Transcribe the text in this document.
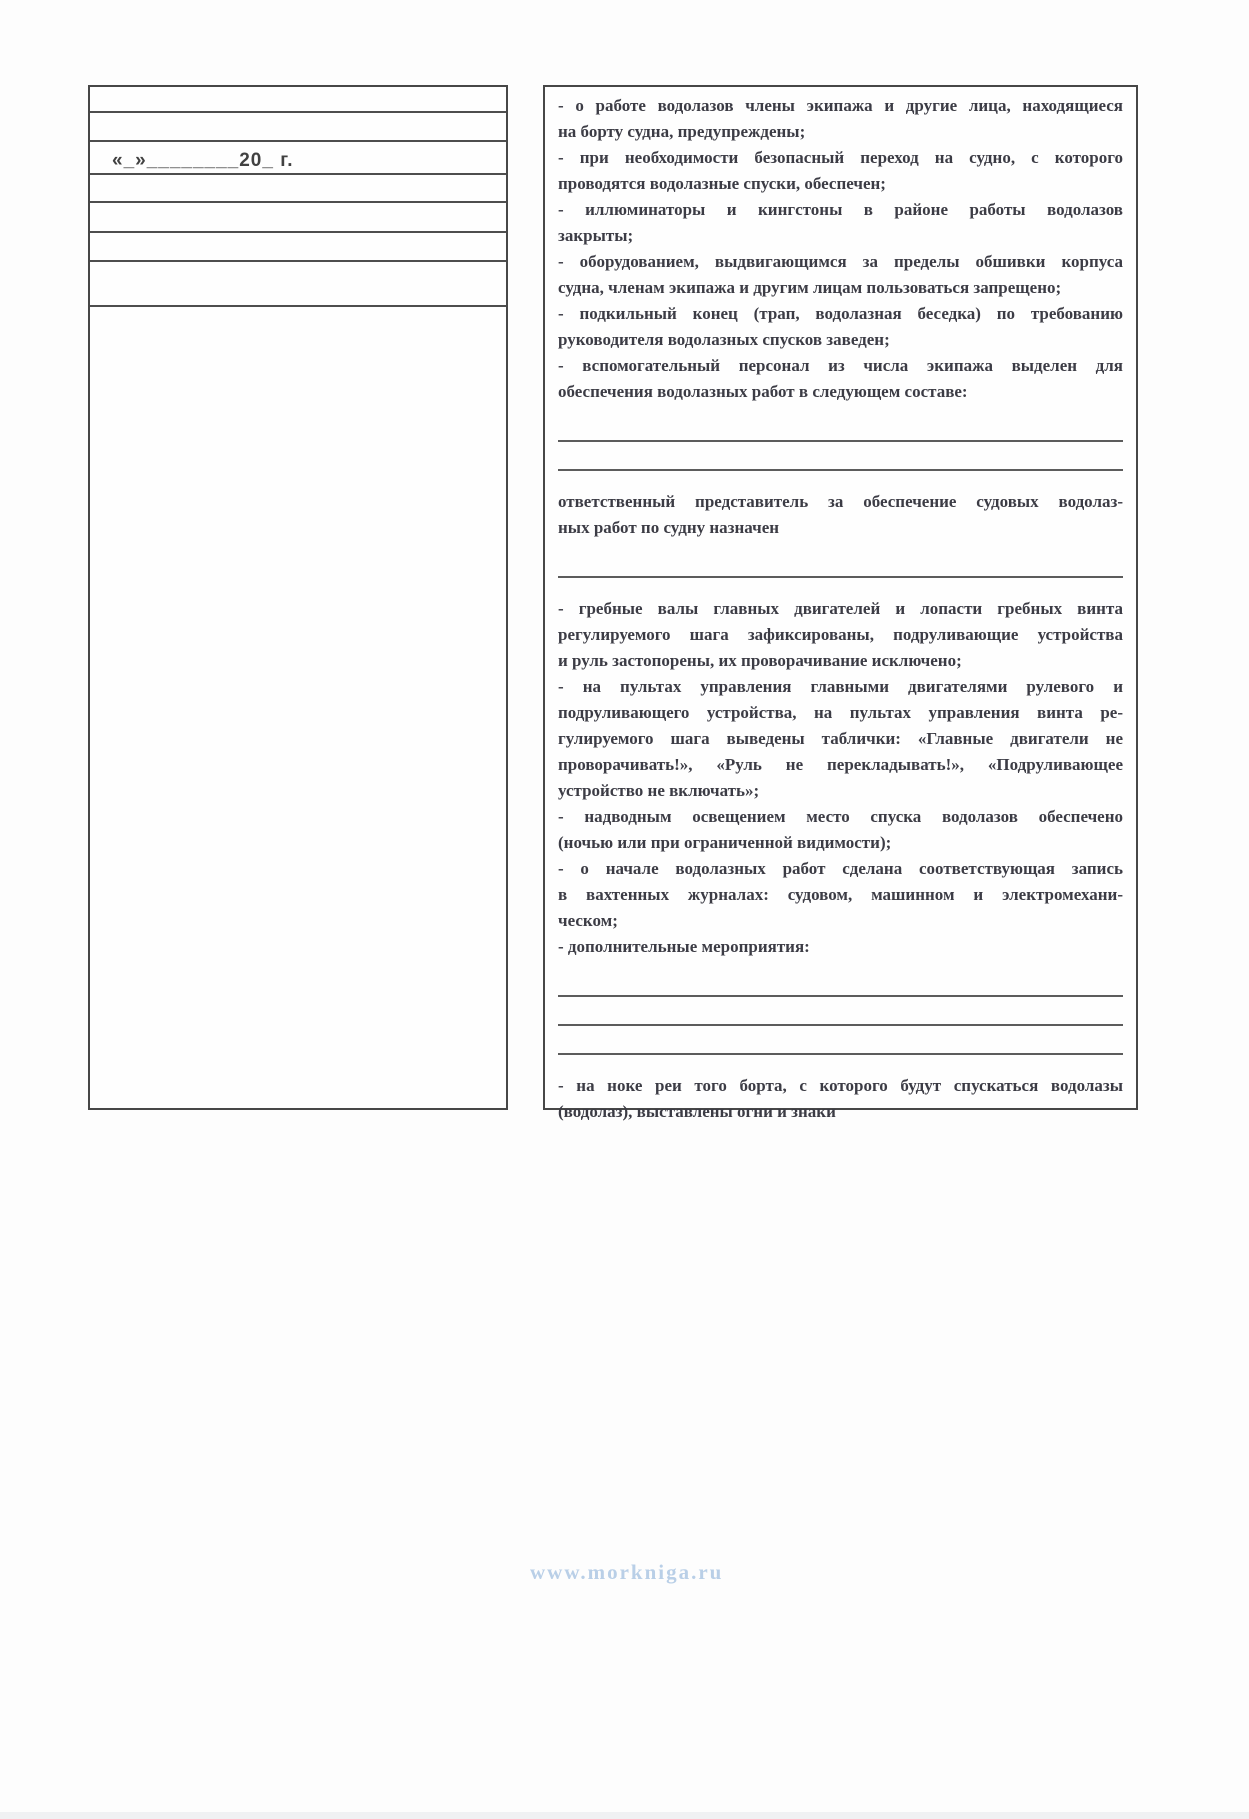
«_»________20_ г.
- о работе водолазов члены экипажа и другие лица, находящиеся
на борту судна, предупреждены;
- при необходимости безопасный переход на судно, с которого
проводятся водолазные спуски, обеспечен;
- иллюминаторы и кингстоны в районе работы водолазов
закрыты;
- оборудованием, выдвигающимся за пределы обшивки корпуса
судна, членам экипажа и другим лицам пользоваться запрещено;
- подкильный конец (трап, водолазная беседка) по требованию
руководителя водолазных спусков заведен;
- вспомогательный персонал из числа экипажа выделен для
обеспечения водолазных работ в следующем составе:
ответственный представитель за обеспечение судовых водолаз-
ных работ по судну назначен
- гребные валы главных двигателей и лопасти гребных винта
регулируемого шага зафиксированы, подруливающие устройства
и руль застопорены, их проворачивание исключено;
- на пультах управления главными двигателями рулевого и
подруливающего устройства, на пультах управления винта ре-
гулируемого шага выведены таблички: «Главные двигатели не
проворачивать!», «Руль не перекладывать!», «Подруливающее
устройство не включать»;
- надводным освещением место спуска водолазов обеспечено
(ночью или при ограниченной видимости);
- о начале водолазных работ сделана соответствующая запись
в вахтенных журналах: судовом, машинном и электромехани-
ческом;
- дополнительные мероприятия:
- на ноке реи того борта, с которого будут спускаться водолазы
(водолаз), выставлены огни и знаки
www.morkniga.ru
